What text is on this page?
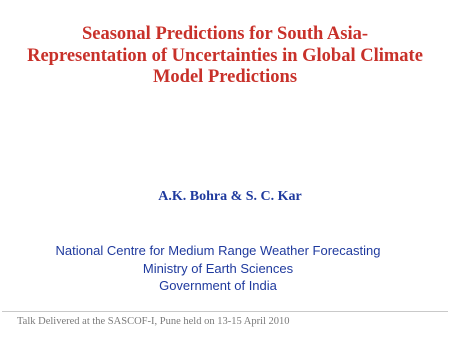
Seasonal Predictions for South Asia-
Representation of Uncertainties in Global Climate
Model Predictions

A.K. Bohra & S. C. Kar

National Centre for Medium Range Weather Forecasting
Ministry of Earth Sciences
Government of India

Talk Delivered at the SASCOF-I, Pune held on 13-15 April 2010
